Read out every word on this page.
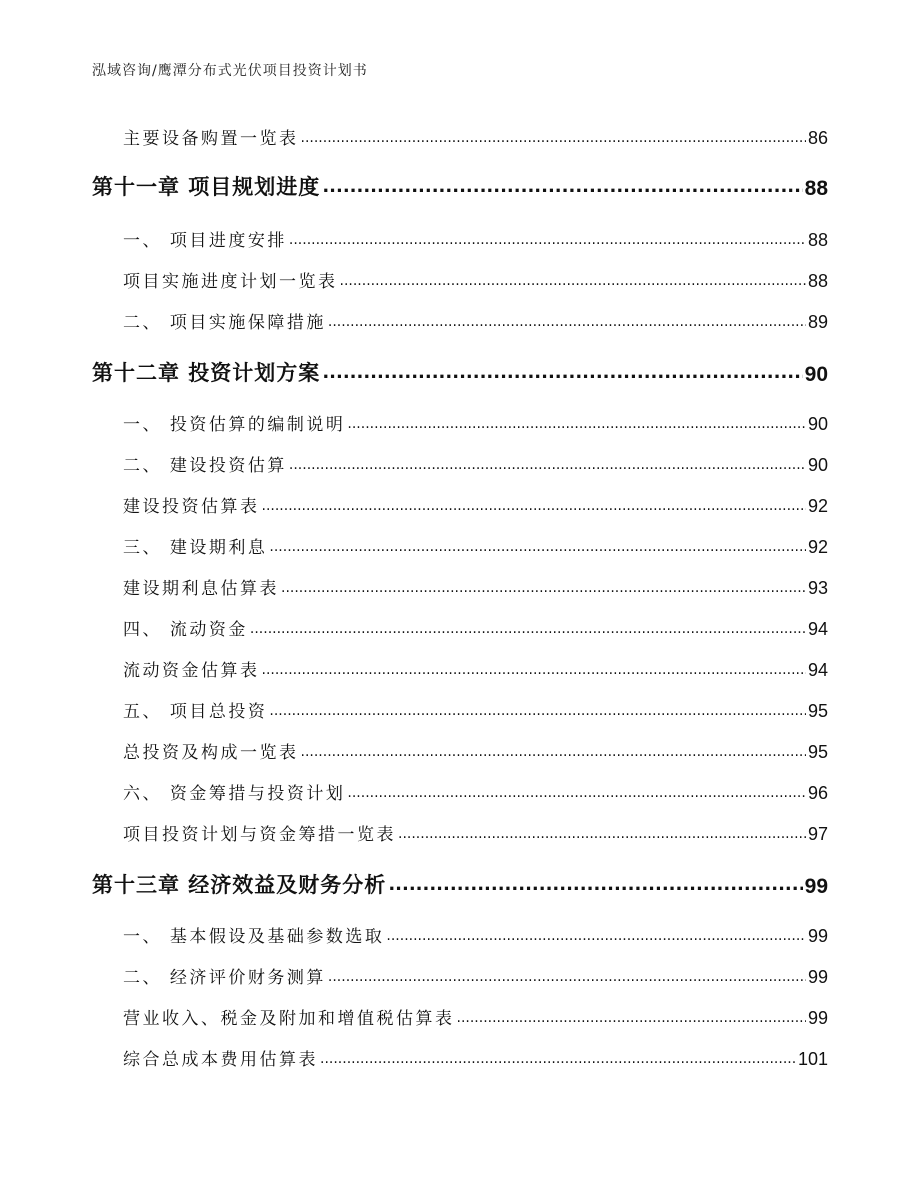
泓域咨询/鹰潭分布式光伏项目投资计划书
主要设备购置一览表 .....	86
第十一章 项目规划进度 .....	88
一、 项目进度安排 .....	88
项目实施进度计划一览表 .....	88
二、 项目实施保障措施 .....	89
第十二章 投资计划方案 .....	90
一、 投资估算的编制说明 .....	90
二、 建设投资估算 .....	90
建设投资估算表 .....	92
三、 建设期利息 .....	92
建设期利息估算表 .....	93
四、 流动资金 .....	94
流动资金估算表 .....	94
五、 项目总投资 .....	95
总投资及构成一览表 .....	95
六、 资金筹措与投资计划 .....	96
项目投资计划与资金筹措一览表 .....	97
第十三章 经济效益及财务分析 .....	99
一、 基本假设及基础参数选取 .....	99
二、 经济评价财务测算 .....	99
营业收入、税金及附加和增值税估算表 .....	99
综合总成本费用估算表 .....	101
